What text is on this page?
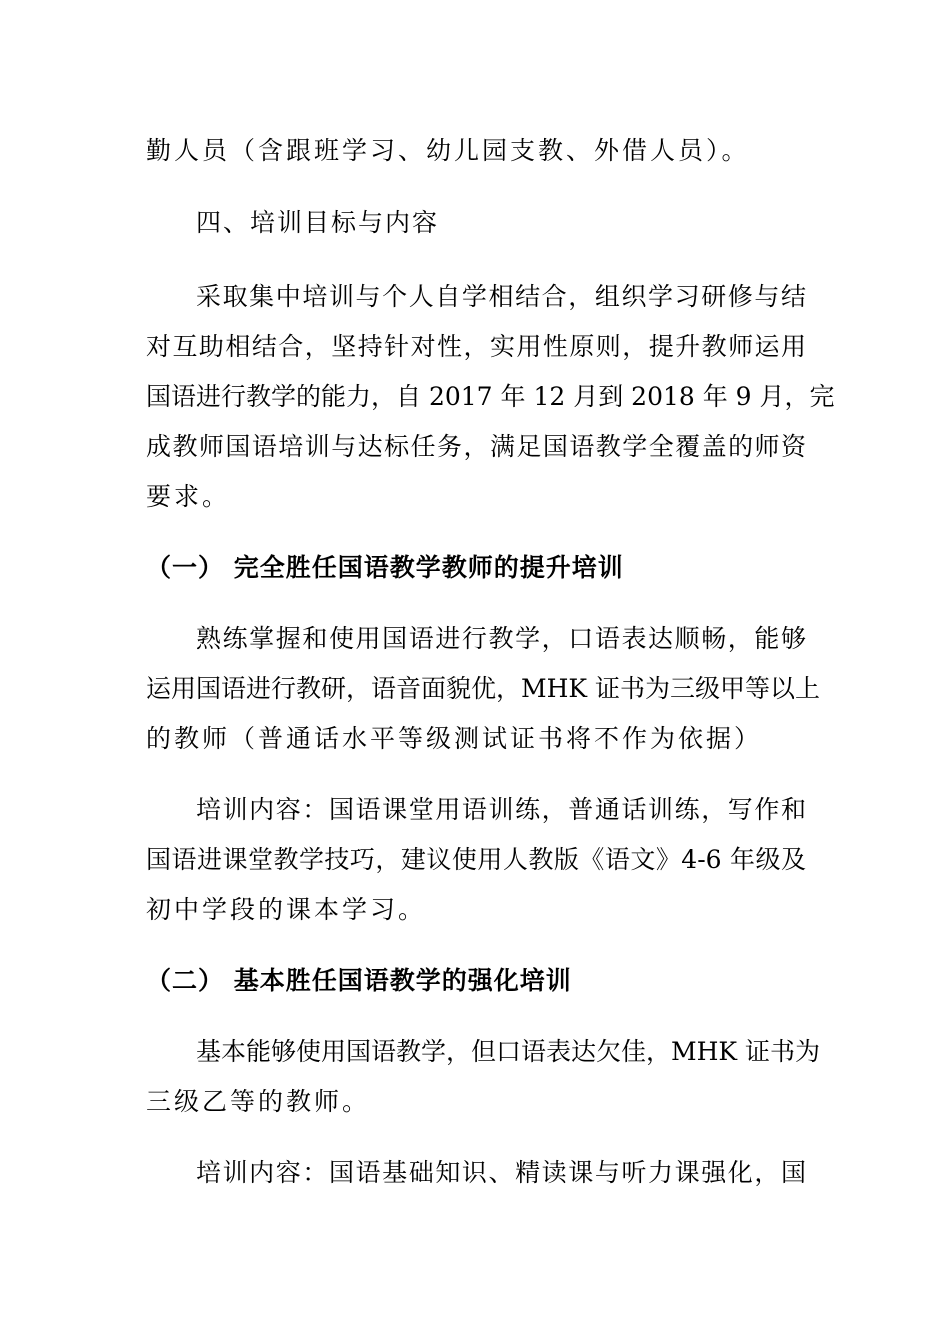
勤人员（含跟班学习、幼儿园支教、外借人员）。
四、培训目标与内容
采取集中培训与个人自学相结合，组织学习研修与结
对互助相结合，坚持针对性，实用性原则，提升教师运用
国语进行教学的能力，自 2017 年 12 月到 2018 年 9 月，完
成教师国语培训与达标任务，满足国语教学全覆盖的师资
要求。
（一） 完全胜任国语教学教师的提升培训
熟练掌握和使用国语进行教学，口语表达顺畅，能够
运用国语进行教研，语音面貌优，MHK 证书为三级甲等以上
的教师（普通话水平等级测试证书将不作为依据）
培训内容：国语课堂用语训练，普通话训练，写作和
国语进课堂教学技巧，建议使用人教版《语文》4-6 年级及
初中学段的课本学习。
（二） 基本胜任国语教学的强化培训
基本能够使用国语教学，但口语表达欠佳，MHK 证书为
三级乙等的教师。
培训内容：国语基础知识、精读课与听力课强化，国
